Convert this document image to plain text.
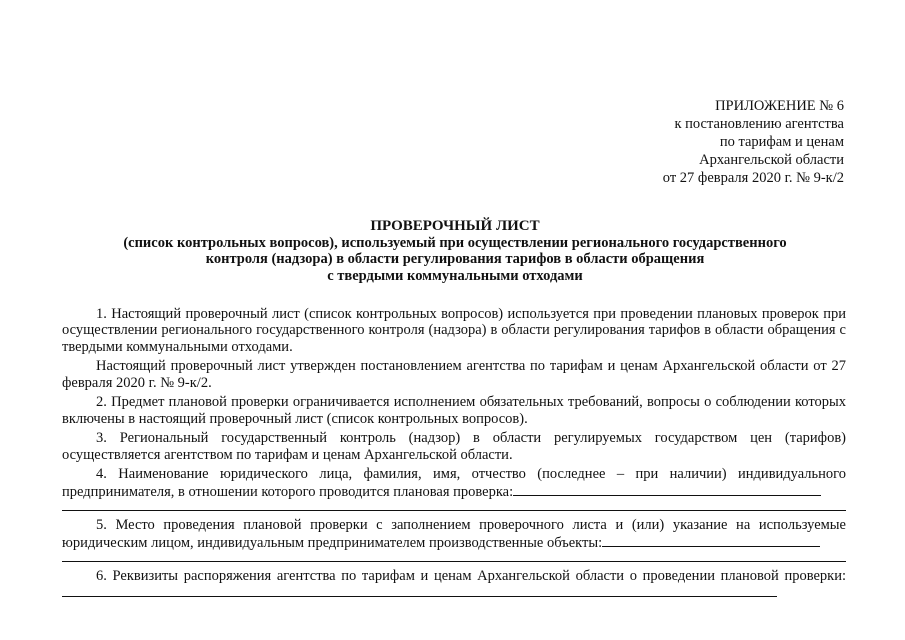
ПРИЛОЖЕНИЕ № 6
к постановлению агентства
по тарифам и ценам
Архангельской области
от 27 февраля 2020 г. № 9-к/2
ПРОВЕРОЧНЫЙ ЛИСТ
(список контрольных вопросов), используемый при осуществлении регионального государственного
контроля (надзора) в области регулирования тарифов в области обращения
с твердыми коммунальными отходами

1. Настоящий проверочный лист (список контрольных вопросов) используется при проведении плановых проверок при осуществлении регионального государственного контроля (надзора) в области регулирования тарифов в области обращения с твердыми коммунальными отходами.

Настоящий проверочный лист утвержден постановлением агентства по тарифам и ценам Архангельской области от 27 февраля 2020 г. № 9-к/2.

2. Предмет плановой проверки ограничивается исполнением обязательных требований, вопросы о соблюдении которых включены в настоящий проверочный лист (список контрольных вопросов).

3. Региональный государственный контроль (надзор) в области регулируемых государством цен (тарифов) осуществляется агентством по тарифам и ценам Архангельской области.

4. Наименование юридического лица, фамилия, имя, отчество (последнее – при наличии) индивидуального предпринимателя, в отношении которого проводится плановая проверка:

5. Место проведения плановой проверки с заполнением проверочного листа и (или) указание на используемые юридическим лицом, индивидуальным предпринимателем производственные объекты:

6. Реквизиты распоряжения агентства по тарифам и ценам Архангельской области о проведении плановой проверки:
